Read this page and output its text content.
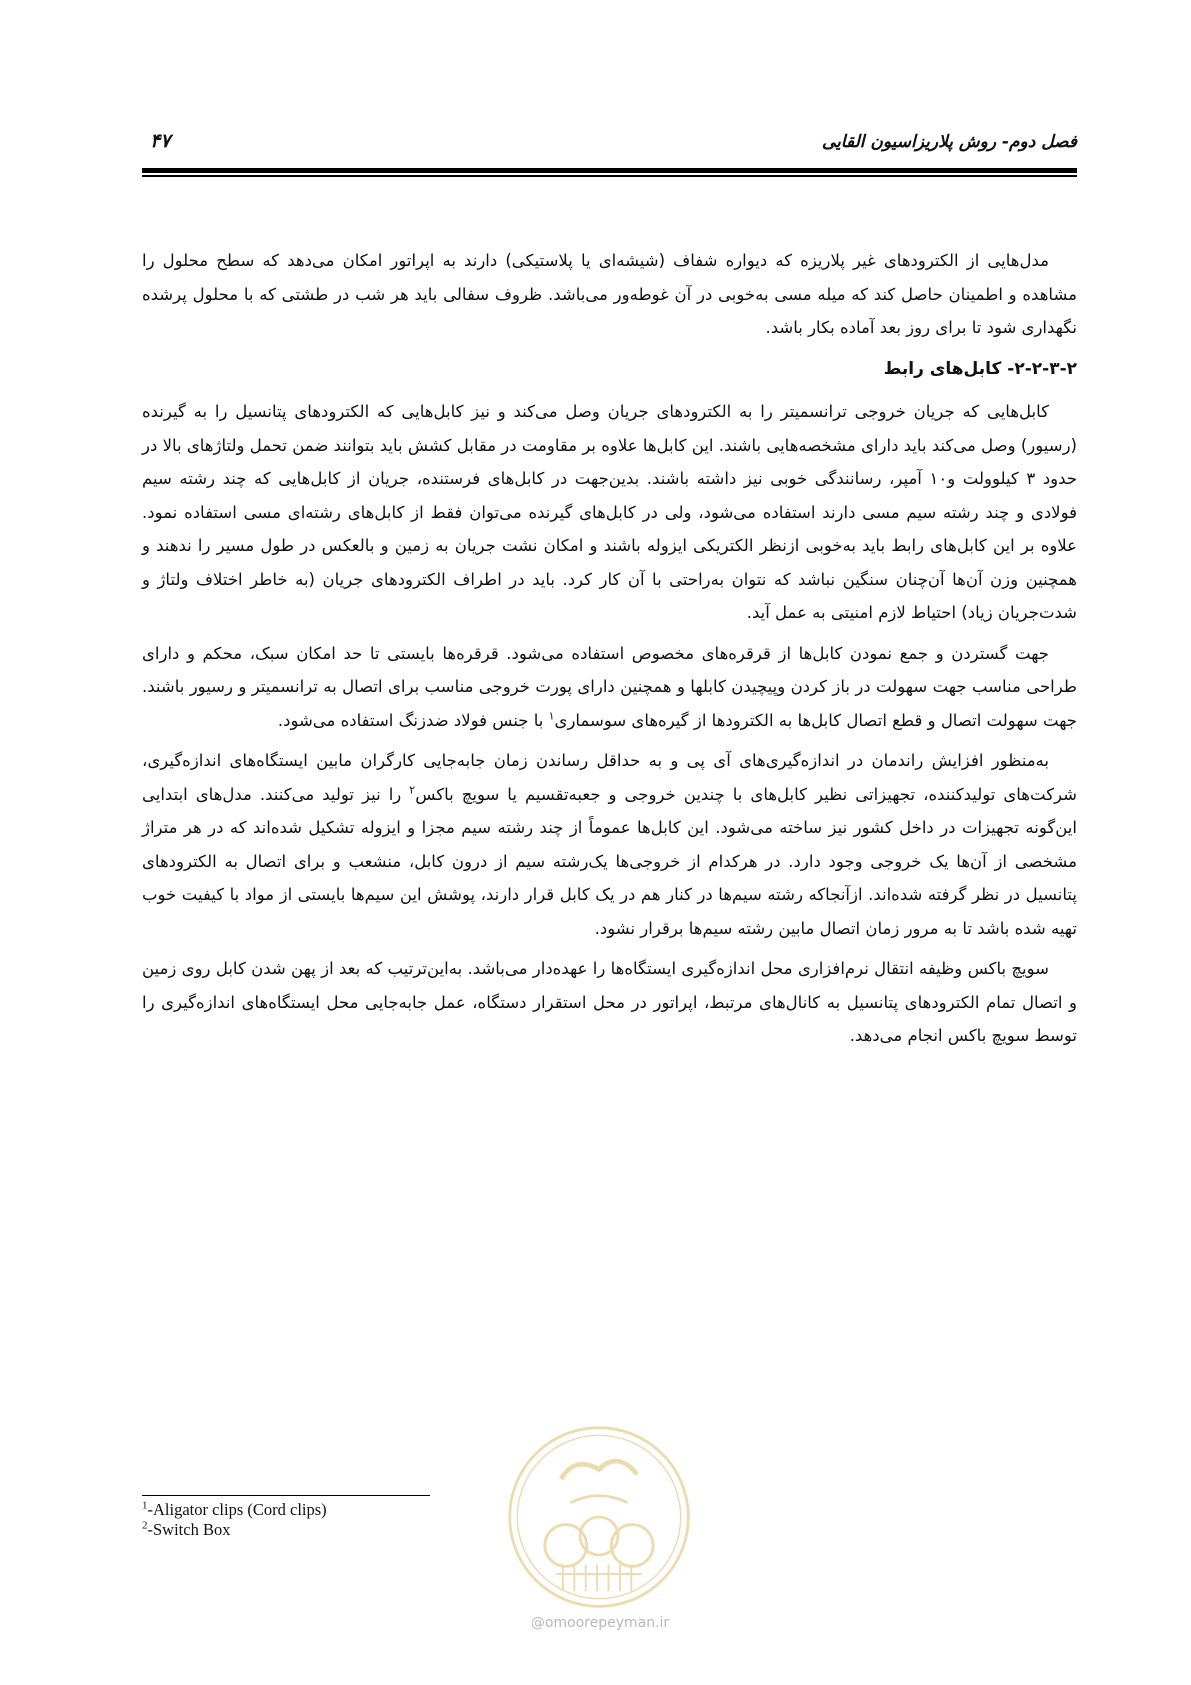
فصل دوم- روش پلاریزاسیون القایی
۴۷

مدل‌هایی از الکترودهای غیر پلاریزه که دیواره شفاف (شیشه‌ای یا پلاستیکی) دارند به اپراتور امکان می‌دهد که سطح محلول را مشاهده و اطمینان حاصل کند که میله مسی به‌خوبی در آن غوطه‌ور می‌باشد. ظروف سفالی باید هر شب در طشتی که با محلول پرشده نگهداری شود تا برای روز بعد آماده بکار باشد.

۲-۲-۳-۲- کابل‌های رابط

کابل‌هایی که جریان خروجی ترانسمیتر را به الکترودهای جریان وصل می‌کند و نیز کابل‌هایی که الکترودهای پتانسیل را به گیرنده (رسیور) وصل می‌کند باید دارای مشخصه‌هایی باشند. این کابل‌ها علاوه بر مقاومت در مقابل کشش باید بتوانند ضمن تحمل ولتاژهای بالا در حدود ۳ کیلوولت و۱۰ آمپر، رسانندگی خوبی نیز داشته باشند. بدین‌جهت در کابل‌های فرستنده، جریان از کابل‌هایی که چند رشته سیم فولادی و چند رشته سیم مسی دارند استفاده می‌شود، ولی در کابل‌های گیرنده می‌توان فقط از کابل‌های رشته‌ای مسی استفاده نمود. علاوه بر این کابل‌های رابط باید به‌خوبی ازنظر الکتریکی ایزوله باشند و امکان نشت جریان به زمین و بالعکس در طول مسیر را ندهند و همچنین وزن آن‌ها آن‌چنان سنگین نباشد که نتوان به‌راحتی با آن کار کرد. باید در اطراف الکترودهای جریان (به خاطر اختلاف ولتاژ و شدت‌جریان زیاد) احتیاط لازم امنیتی به عمل آید.

جهت گستردن و جمع نمودن کابل‌ها از قرقره‌های مخصوص استفاده می‌شود. قرقره‌ها بایستی تا حد امکان سبک، محکم و دارای طراحی مناسب جهت سهولت در باز کردن وپیچیدن کابلها و همچنین دارای پورت خروجی مناسب برای اتصال به ترانسمیتر و رسیور باشند. جهت سهولت اتصال و قطع اتصال کابل‌ها به الکترودها از گیره‌های سوسماری$^۱$ با جنس فولاد ضدزنگ استفاده می‌شود.

به‌منظور افزایش راندمان در اندازه‌گیری‌های آی پی و به حداقل رساندن زمان جابه‌جایی کارگران مابین ایستگاه‌های اندازه‌گیری، شرکت‌های تولیدکننده، تجهیزاتی نظیر کابل‌های با چندین خروجی و جعبه‌تقسیم یا سویچ باکس$^۲$ را نیز تولید می‌کنند. مدل‌های ابتدایی این‌گونه تجهیزات در داخل کشور نیز ساخته می‌شود. این کابل‌ها عموماً از چند رشته سیم مجزا و ایزوله تشکیل شده‌اند که در هر متراژ مشخصی از آن‌ها یک خروجی وجود دارد. در هرکدام از خروجی‌ها یک‌رشته سیم از درون کابل، منشعب و برای اتصال به الکترودهای پتانسیل در نظر گرفته شده‌اند. ازآنجاکه رشته سیم‌ها در کنار هم در یک کابل قرار دارند، پوشش این سیم‌ها بایستی از مواد با کیفیت خوب تهیه شده باشد تا به مرور زمان اتصال مابین رشته سیم‌ها برقرار نشود.

سویچ باکس وظیفه انتقال نرم‌افزاری محل اندازه‌گیری ایستگاه‌ها را عهده‌دار می‌باشد. به‌این‌ترتیب که بعد از پهن شدن کابل روی زمین و اتصال تمام الکترودهای پتانسیل به کانال‌های مرتبط، اپراتور در محل استقرار دستگاه، عمل جابه‌جایی محل ایستگاه‌های اندازه‌گیری را توسط سویچ باکس انجام می‌دهد.

@omoorepeyman.ir
$^1$-Aligator clips (Cord clips)
$^2$-Switch Box
